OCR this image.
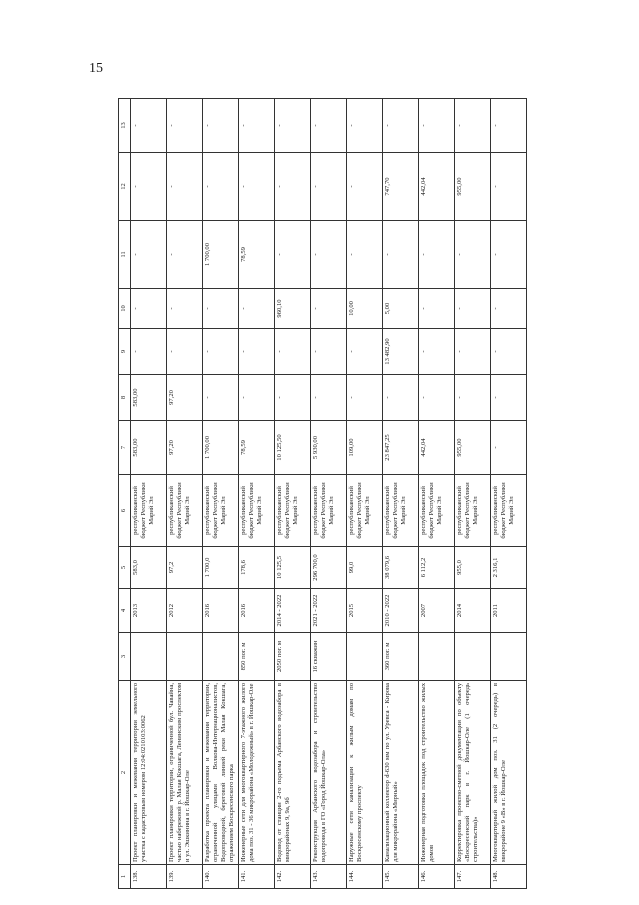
15
1	2	3	4	5	6	7	8	9	10	11	12	13
138.	Проект планировки и межевания территории земельного участка с кадастровым номером 12:04:0210103:0062		2013	583,0	республиканский бюджет Республики Марий Эл	583,00	583,00	-	-	-	-	-
139.	Проект планировки территории, ограниченной бул. Чавайна, частью набережной р. Малая Кокшага, Ленинским проспектом и ул. Эшкинина в г. Йошкар-Оле		2012	97,2	республиканский бюджет Республики Марий Эл	97,20	97,20	-	-	-	-	-
140.	Разработка проекта планировки и межевания территории, ограниченной улицами Волкова-Интернационалистов, Водопроводной, береговой линией реки Малая Кокшага, отражением Воскресенского парка		2016	1 700,0	республиканский бюджет Республики Марий Эл	1 700,00	-	-	-	1 700,00	-	-
141.	Инженерные сети для многоквартирного 7-этажного жилого дома поз. 31 - 36 микрорайона «Молодежный» в г. Йошкар-Оле	850 пог. м	2016	178,6	республиканский бюджет Республики Марий Эл	78,59	-	-	-	78,59	-	-
142.	Водовод от станции 2-го подъема Арбанского водозабора в микрорайонах 9, 9а, 9б	2050 пог. м	2014 - 2022	10 125,5	республиканский бюджет Республики Марий Эл	10 125,50	-	-	960,10	-	-	-
143.	Реконструкция Арбанского водозабора и строительство водопровода в ГО «Город Йошкар-Ола»	16 скважин	2021 - 2022	296 700,0	республиканский бюджет Республики Марий Эл	5 930,00	-	-	-	-	-	-
144.	Наружные сети канализации к жилым домам по Воскресенскому проспекту		2015	99,0	республиканский бюджет Республики Марий Эл	109,00	-	-	10,00	-	-	-
145.	Канализационный коллектор d-630 мм по ул. Уревса - Кирова для микрорайона «Мирный»	360 пог. м	2010 - 2022	38 079,6	республиканский бюджет Республики Марий Эл	23 847,25	-	13 482,90	5,00	-	747,70	-
146.	Инженерная подготовка площадок под строительство жилых домов		2007	6 112,2	республиканский бюджет Республики Марий Эл	442,04	-	-	-	-	442,04	-
147.	Корректировка проектно-сметной документации по объекту «Воскресенский парк в г. Йошкар-Оле (1 очередь строительства)»		2014	955,0	республиканский бюджет Республики Марий Эл	955,00	-	-	-	-	955,00	-
148.	Многоквартирный жилой дом поз. 31 (2 очередь) в микрорайоне 9 «В» в г. Йошкар-Оле		2011	2 316,1	республиканский бюджет Республики Марий Эл	-	-	-	-	-	-	-
